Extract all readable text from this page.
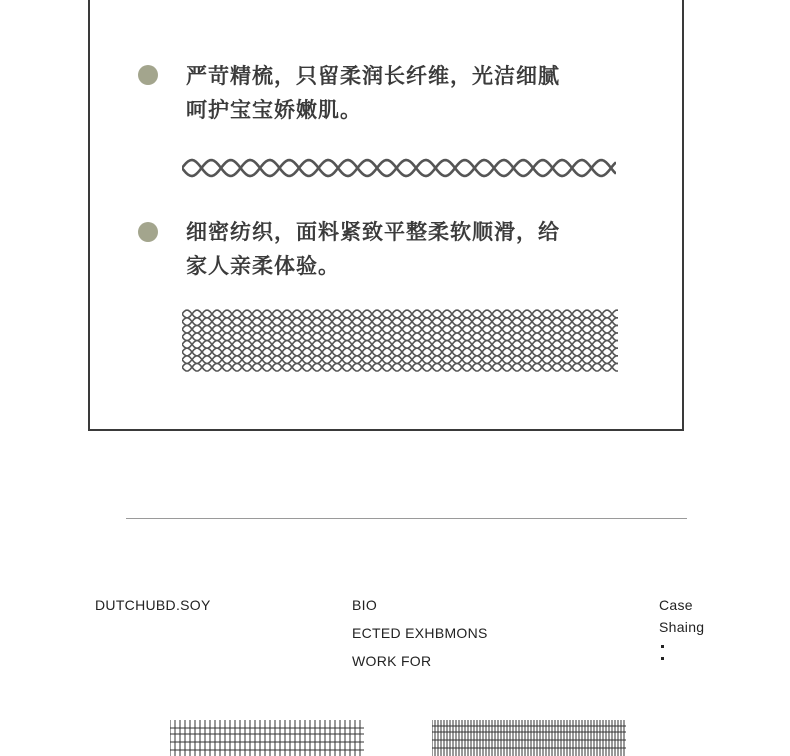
严苛精梳，只留柔润长纤维，光洁细腻
呵护宝宝娇嫩肌。
细密纺织，面料紧致平整柔软顺滑，给
家人亲柔体验。
DUTCHUBD.SOY	BIO
ECTED EXHBMONS
WORK FOR
Case
Shaing
